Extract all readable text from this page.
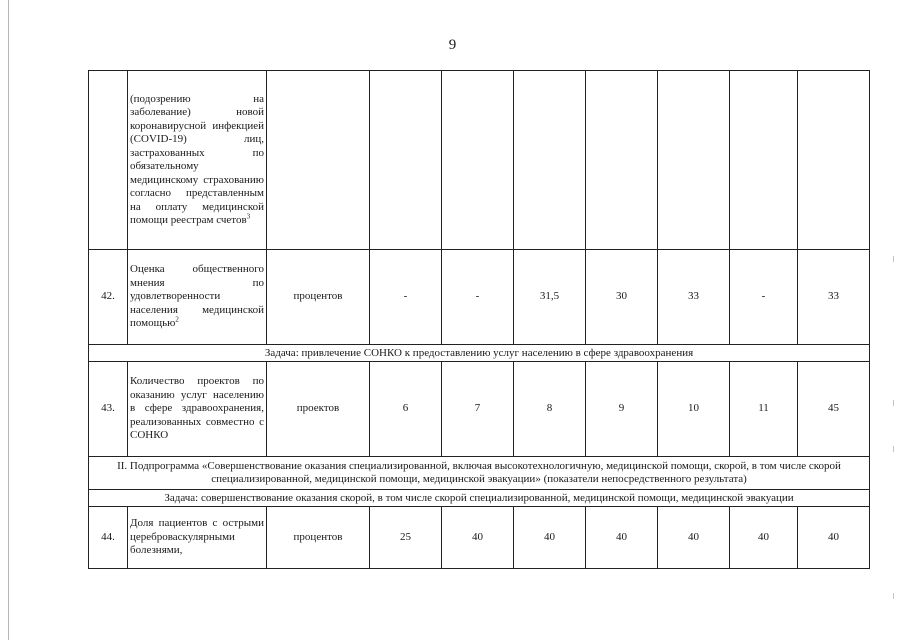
9
	(подозрению на заболевание) новой коронавирусной инфекцией (COVID-19) лиц, застрахованных по обязательному медицинскому страхованию согласно представленным на оплату медицинской помощи реестрам счетов$^3$								
42.	Оценка общественного мнения по удовлетворенности населения медицинской помощью$^2$	процентов	-	-	31,5	30	33	-	33
Задача: привлечение СОНКО к предоставлению услуг населению в сфере здравоохранения									
43.	Количество проектов по оказанию услуг населению в сфере здравоохранения, реализованных совместно с СОНКО	проектов	6	7	8	9	10	11	45
II. Подпрограмма «Совершенствование оказания специализированной, включая высокотехнологичную, медицинской помощи, скорой, в том числе скорой специализированной, медицинской помощи, медицинской эвакуации» (показатели непосредственного результата)									
Задача: совершенствование оказания скорой, в том числе скорой специализированной, медицинской помощи, медицинской эвакуации									
44.	Доля пациентов с острыми цереброваскулярными болезнями,	процентов	25	40	40	40	40	40	40
